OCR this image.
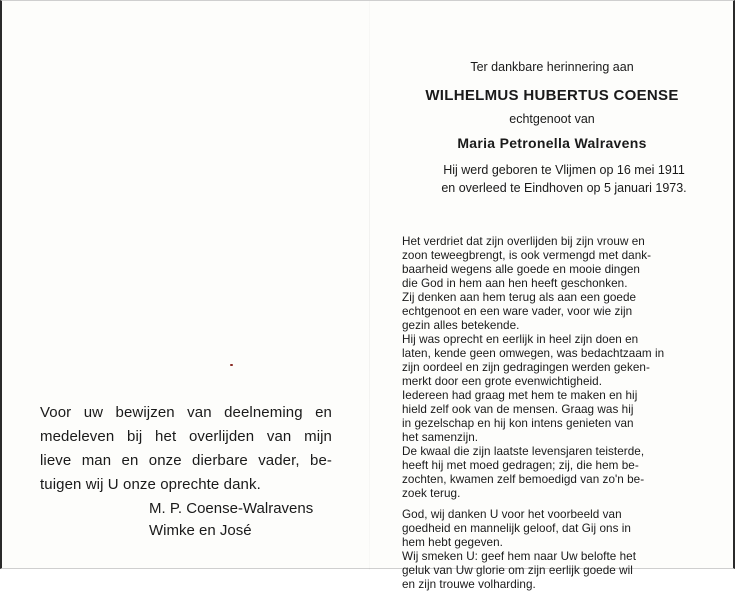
Voor uw bewijzen van deelneming en
medeleven bij het overlijden van mijn
lieve man en onze dierbare vader, be-
tuigen wij U onze oprechte dank.
M. P. Coense-Walravens
Wimke en José
Ter dankbare herinnering aan
WILHELMUS HUBERTUS COENSE
echtgenoot van
Maria Petronella Walravens
Hij werd geboren te Vlijmen op 16 mei 1911
en overleed te Eindhoven op 5 januari 1973.
Het verdriet dat zijn overlijden bij zijn vrouw en
zoon teweegbrengt, is ook vermengd met dank-
baarheid wegens alle goede en mooie dingen
die God in hem aan hen heeft geschonken.
Zij denken aan hem terug als aan een goede
echtgenoot en een ware vader, voor wie zijn
gezin alles betekende.
Hij was oprecht en eerlijk in heel zijn doen en
laten, kende geen omwegen, was bedachtzaam in
zijn oordeel en zijn gedragingen werden geken-
merkt door een grote evenwichtigheid.
Iedereen had graag met hem te maken en hij
hield zelf ook van de mensen. Graag was hij
in gezelschap en hij kon intens genieten van
het samenzijn.
De kwaal die zijn laatste levensjaren teisterde,
heeft hij met moed gedragen; zij, die hem be-
zochten, kwamen zelf bemoedigd van zo'n be-
zoek terug.
God, wij danken U voor het voorbeeld van
goedheid en mannelijk geloof, dat Gij ons in
hem hebt gegeven.
Wij smeken U: geef hem naar Uw belofte het
geluk van Uw glorie om zijn eerlijk goede wil
en zijn trouwe volharding.
